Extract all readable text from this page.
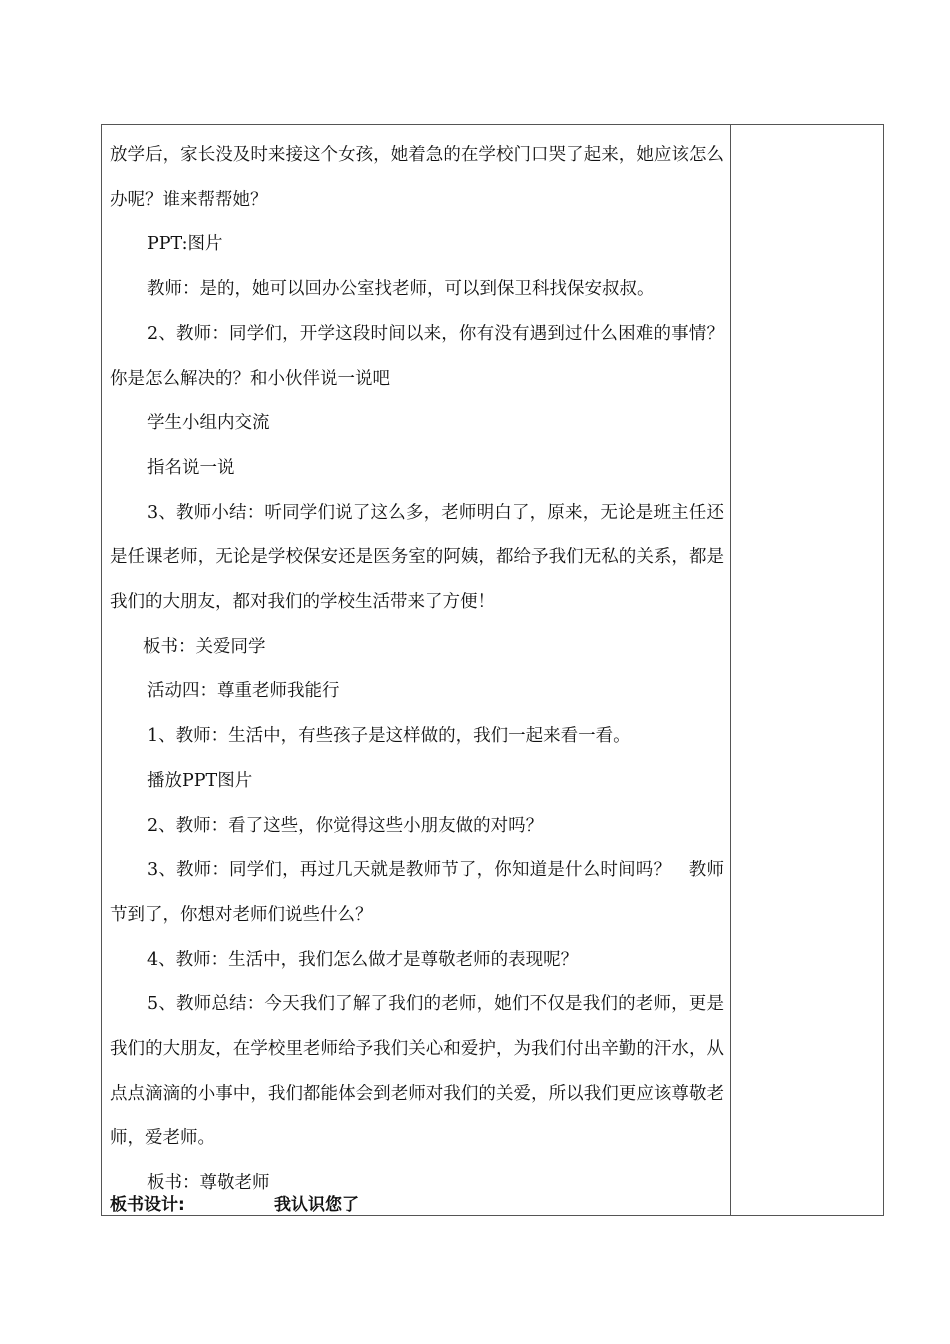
放学后，家长没及时来接这个女孩，她着急的在学校门口哭了起来，她应该怎么办呢？谁来帮帮她？

PPT:图片

教师：是的，她可以回办公室找老师，可以到保卫科找保安叔叔。

2、教师：同学们，开学这段时间以来，你有没有遇到过什么困难的事情？你是怎么解决的？和小伙伴说一说吧

学生小组内交流

指名说一说

3、教师小结：听同学们说了这么多，老师明白了，原来，无论是班主任还是任课老师，无论是学校保安还是医务室的阿姨，都给予我们无私的关系，都是我们的大朋友，都对我们的学校生活带来了方便！

板书：关爱同学

活动四：尊重老师我能行

1、教师：生活中，有些孩子是这样做的，我们一起来看一看。

播放PPT图片

2、教师：看了这些，你觉得这些小朋友做的对吗？

3、教师：同学们，再过几天就是教师节了，你知道是什么时间吗？　教师节到了，你想对老师们说些什么？

4、教师：生活中，我们怎么做才是尊敬老师的表现呢？

5、教师总结：今天我们了解了我们的老师，她们不仅是我们的老师，更是我们的大朋友，在学校里老师给予我们关心和爱护，为我们付出辛勤的汗水，从点点滴滴的小事中，我们都能体会到老师对我们的关爱，所以我们更应该尊敬老师，爱老师。

板书：尊敬老师

板书设计:	我认识您了
